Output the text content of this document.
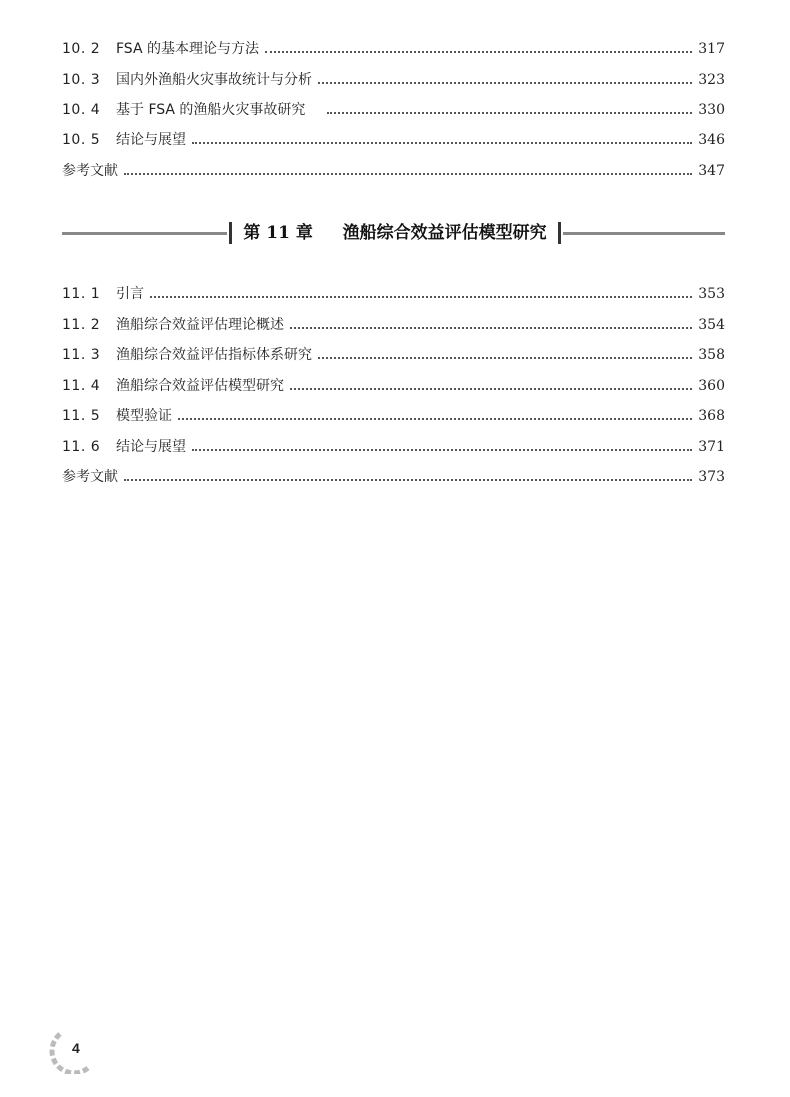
10. 2	FSA 的基本理论与方法	317
10. 3	国内外渔船火灾事故统计与分析	323
10. 4	基于 FSA 的渔船火灾事故研究	330
10. 5	结论与展望	346
参考文献	347
第 11 章 渔船综合效益评估模型研究
11. 1	引言	353
11. 2	渔船综合效益评估理论概述	354
11. 3	渔船综合效益评估指标体系研究	358
11. 4	渔船综合效益评估模型研究	360
11. 5	模型验证	368
11. 6	结论与展望	371
参考文献	373
4
